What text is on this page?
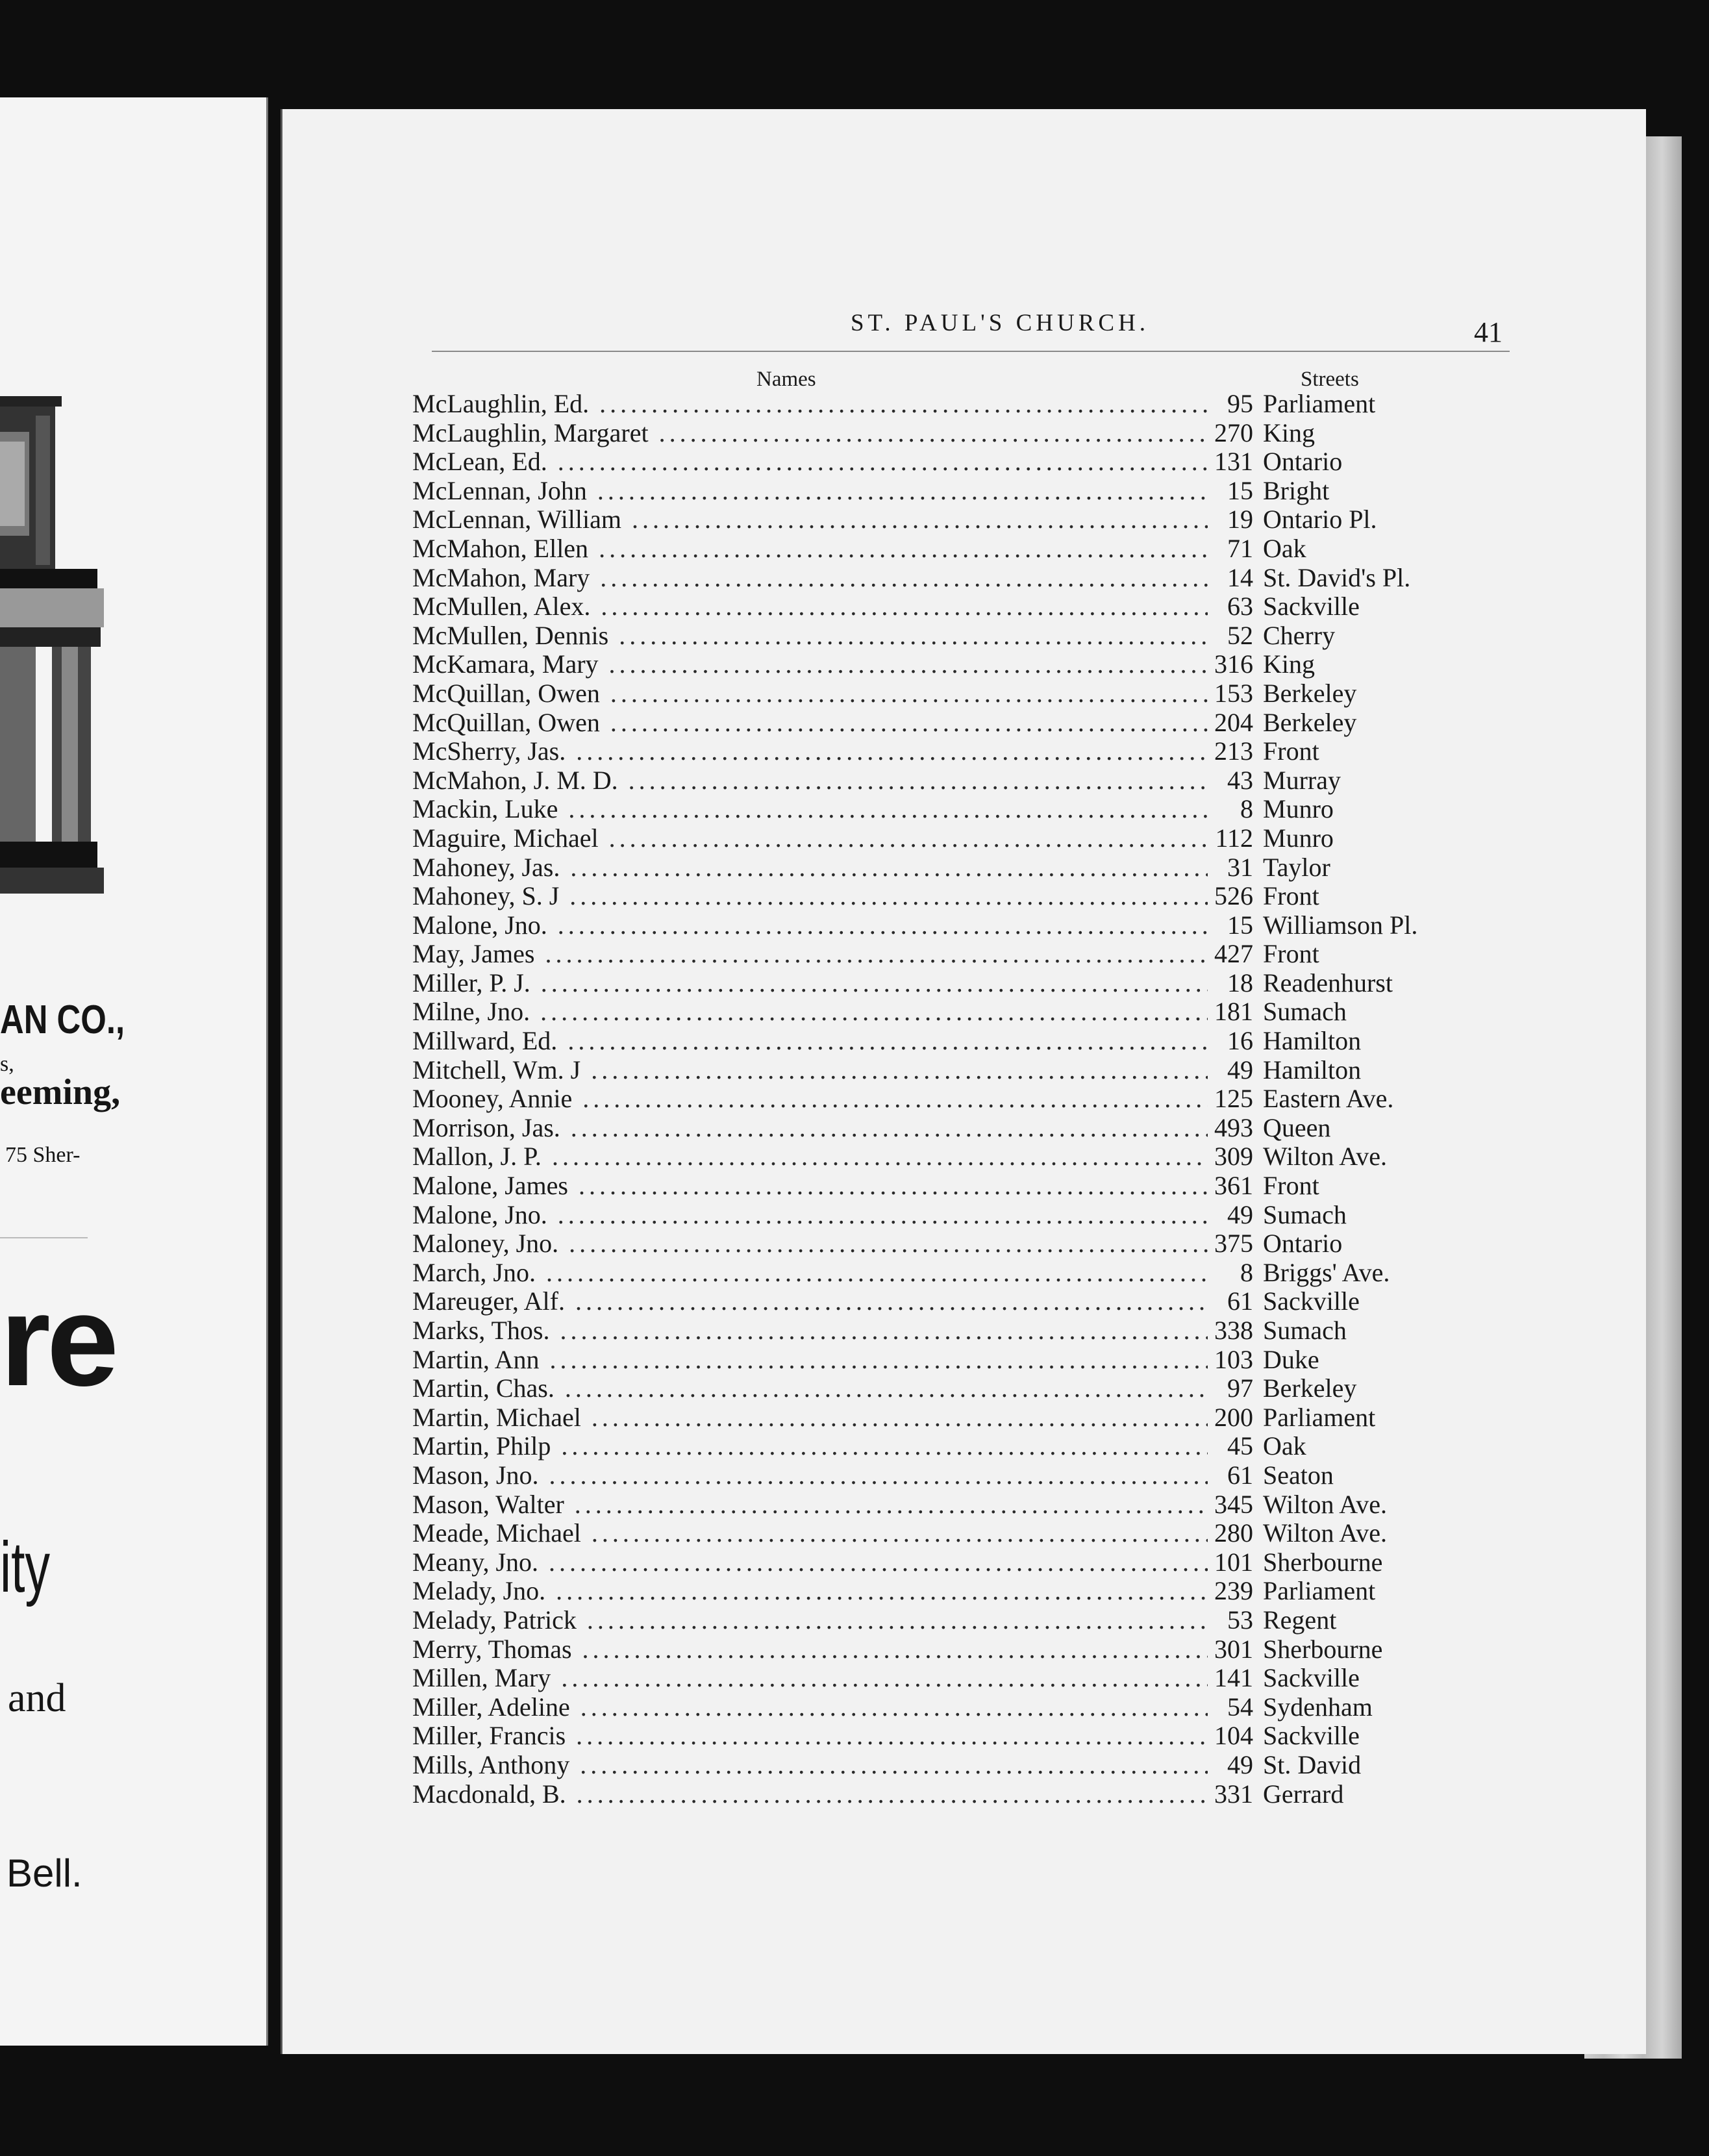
AN CO.,
s,
eeming,
75 Sher-
re
ity
and
Bell.
ST. PAUL'S CHURCH.	41
Names	Streets
McLaughlin, Ed. .....	95 Parliament
McLaughlin, Margaret .....	270 King
McLean, Ed. .....	131 Ontario
McLennan, John .....	15 Bright
McLennan, William .....	19 Ontario Pl.
McMahon, Ellen .....	71 Oak
McMahon, Mary .....	14 St. David's Pl.
McMullen, Alex. .....	63 Sackville
McMullen, Dennis .....	52 Cherry
McKamara, Mary .....	316 King
McQuillan, Owen .....	153 Berkeley
McQuillan, Owen .....	204 Berkeley
McSherry, Jas. .....	213 Front
McMahon, J. M. D. .....	43 Murray
Mackin, Luke .....	8 Munro
Maguire, Michael .....	112 Munro
Mahoney, Jas. .....	31 Taylor
Mahoney, S. J .....	526 Front
Malone, Jno. .....	15 Williamson Pl.
May, James .....	427 Front
Miller, P. J. .....	18 Readenhurst
Milne, Jno. .....	181 Sumach
Millward, Ed. .....	16 Hamilton
Mitchell, Wm. J .....	49 Hamilton
Mooney, Annie .....	125 Eastern Ave.
Morrison, Jas. .....	493 Queen
Mallon, J. P. .....	309 Wilton Ave.
Malone, James .....	361 Front
Malone, Jno. .....	49 Sumach
Maloney, Jno. .....	375 Ontario
March, Jno. .....	8 Briggs' Ave.
Mareuger, Alf. .....	61 Sackville
Marks, Thos. .....	338 Sumach
Martin, Ann .....	103 Duke
Martin, Chas. .....	97 Berkeley
Martin, Michael .....	200 Parliament
Martin, Philp .....	45 Oak
Mason, Jno. .....	61 Seaton
Mason, Walter .....	345 Wilton Ave.
Meade, Michael .....	280 Wilton Ave.
Meany, Jno. .....	101 Sherbourne
Melady, Jno. .....	239 Parliament
Melady, Patrick .....	53 Regent
Merry, Thomas .....	301 Sherbourne
Millen, Mary .....	141 Sackville
Miller, Adeline .....	54 Sydenham
Miller, Francis .....	104 Sackville
Mills, Anthony .....	49 St. David
Macdonald, B. .....	331 Gerrard
